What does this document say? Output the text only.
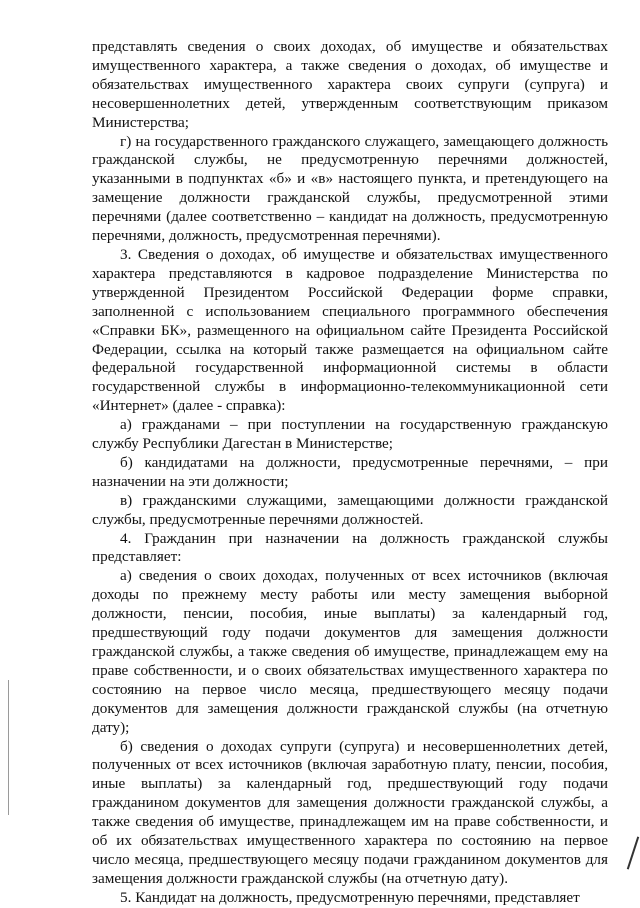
представлять сведения о своих доходах, об имуществе и обязательствах имущественного характера, а также сведения о доходах, об имуществе и обязательствах имущественного характера своих супруги (супруга) и несовершеннолетних детей, утвержденным соответствующим приказом Министерства;

г) на государственного гражданского служащего, замещающего должность гражданской службы, не предусмотренную перечнями должностей, указанными в подпунктах «б» и «в» настоящего пункта, и претендующего на замещение должности гражданской службы, предусмотренной этими перечнями (далее соответственно – кандидат на должность, предусмотренную перечнями, должность, предусмотренная перечнями).

3. Сведения о доходах, об имуществе и обязательствах имущественного характера представляются в кадровое подразделение Министерства по утвержденной Президентом Российской Федерации форме справки, заполненной с использованием специального программного обеспечения «Справки БК», размещенного на официальном сайте Президента Российской Федерации, ссылка на который также размещается на официальном сайте федеральной государственной информационной системы в области государственной службы в информационно-телекоммуникационной сети «Интернет» (далее - справка):

а) гражданами – при поступлении на государственную гражданскую службу Республики Дагестан в Министерстве;

б) кандидатами на должности, предусмотренные перечнями, – при назначении на эти должности;

в) гражданскими служащими, замещающими должности гражданской службы, предусмотренные перечнями должностей.

4. Гражданин при назначении на должность гражданской службы представляет:

а) сведения о своих доходах, полученных от всех источников (включая доходы по прежнему месту работы или месту замещения выборной должности, пенсии, пособия, иные выплаты) за календарный год, предшествующий году подачи документов для замещения должности гражданской службы, а также сведения об имуществе, принадлежащем ему на праве собственности, и о своих обязательствах имущественного характера по состоянию на первое число месяца, предшествующего месяцу подачи документов для замещения должности гражданской службы (на отчетную дату);

б) сведения о доходах супруги (супруга) и несовершеннолетних детей, полученных от всех источников (включая заработную плату, пенсии, пособия, иные выплаты) за календарный год, предшествующий году подачи гражданином документов для замещения должности гражданской службы, а также сведения об имуществе, принадлежащем им на праве собственности, и об их обязательствах имущественного характера по состоянию на первое число месяца, предшествующего месяцу подачи гражданином документов для замещения должности гражданской службы (на отчетную дату).

5. Кандидат на должность, предусмотренную перечнями, представляет
